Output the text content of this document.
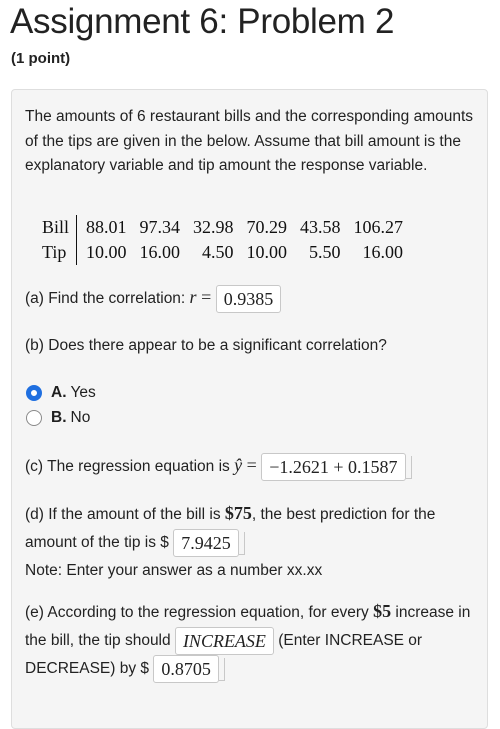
Assignment 6: Problem 2
(1 point)
The amounts of 6 restaurant bills and the corresponding amounts of the tips are given in the below. Assume that bill amount is the explanatory variable and tip amount the response variable.
Bill	88.01	97.34	32.98	70.29	43.58	106.27
Tip	10.00	16.00	4.50	10.00	5.50	16.00
(a) Find the correlation: r = 0.9385
(b) Does there appear to be a significant correlation?
A. Yes
B. No
(c) The regression equation is ŷ = −1.2621 + 0.1587
(d) If the amount of the bill is $75, the best prediction for the amount of the tip is $ 7.9425
Note: Enter your answer as a number xx.xx
(e) According to the regression equation, for every $5 increase in the bill, the tip should INCREASE (Enter INCREASE or DECREASE) by $ 0.8705
